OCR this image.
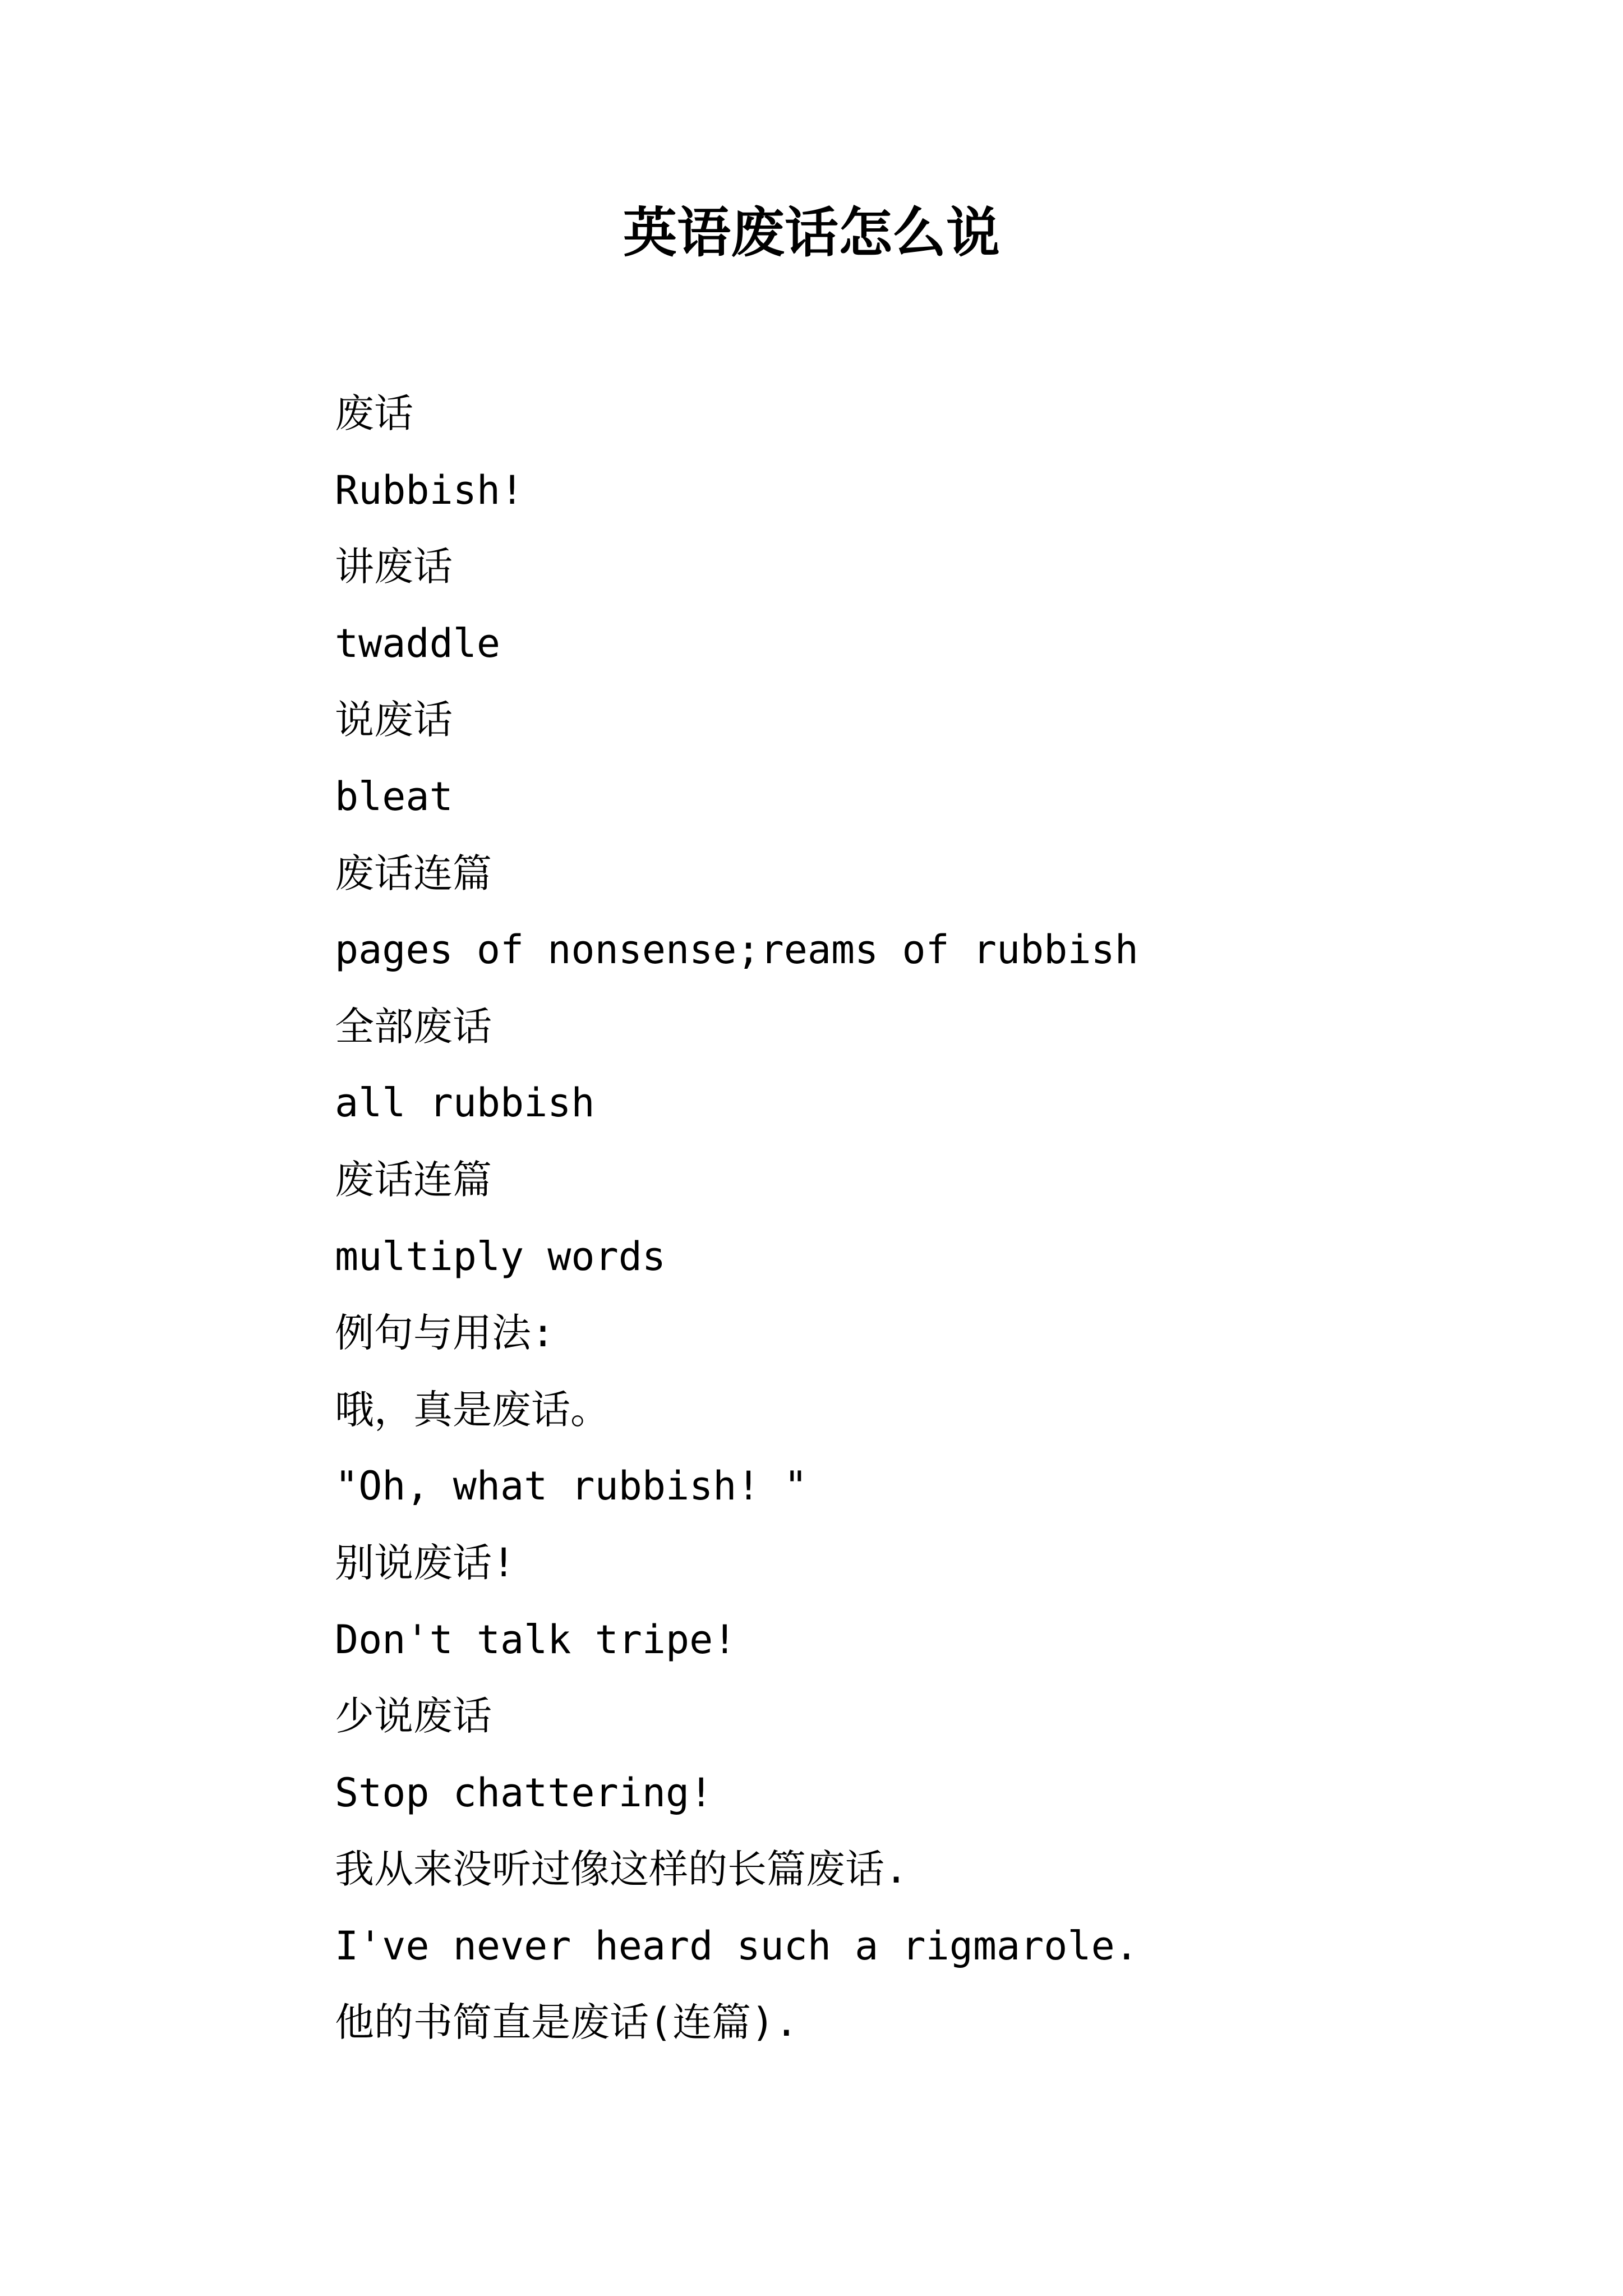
英语废话怎么说
废话
Rubbish!
讲废话
twaddle
说废话
bleat
废话连篇
pages of nonsense;reams of rubbish
全部废话
all rubbish
废话连篇
multiply words
例句与用法:
哦，真是废话。
"Oh, what rubbish! "
别说废话!
Don't talk tripe!
少说废话
Stop chattering!
我从来没听过像这样的长篇废话.
I've never heard such a rigmarole.
他的书简直是废话(连篇).
